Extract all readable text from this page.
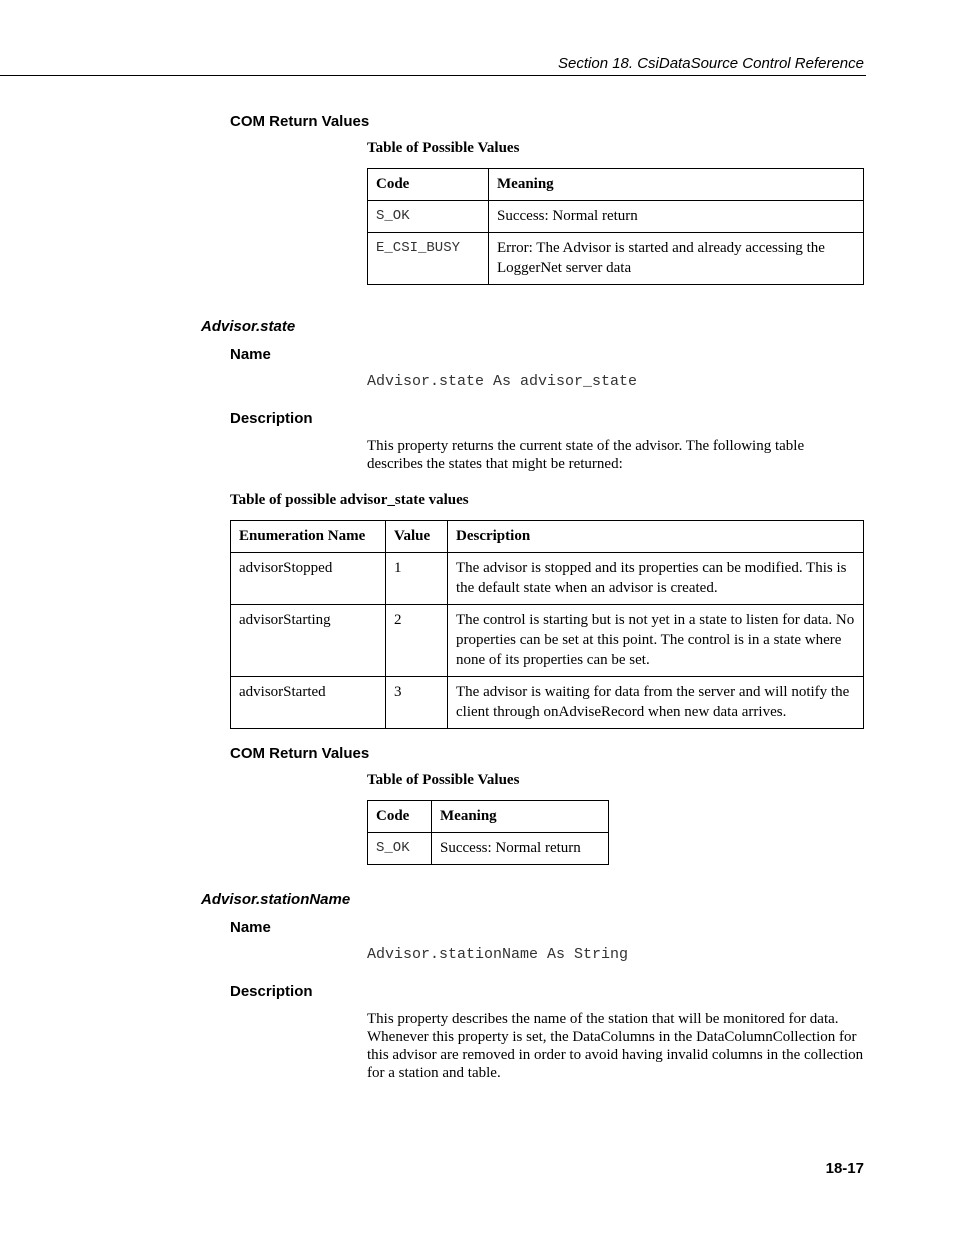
Section 18. CsiDataSource Control Reference
COM Return Values
Table of Possible Values
Code	Meaning
S_OK	Success: Normal return
E_CSI_BUSY	Error: The Advisor is started and already accessing the LoggerNet server data
Advisor.state
Name
Advisor.state As advisor_state
Description
This property returns the current state of the advisor. The following table describes the states that might be returned:
Table of possible advisor_state values
Enumeration Name	Value	Description
advisorStopped	1	The advisor is stopped and its properties can be modified. This is the default state when an advisor is created.
advisorStarting	2	The control is starting but is not yet in a state to listen for data. No properties can be set at this point. The control is in a state where none of its properties can be set.
advisorStarted	3	The advisor is waiting for data from the server and will notify the client through onAdviseRecord when new data arrives.
COM Return Values
Table of Possible Values
Code	Meaning
S_OK	Success: Normal return
Advisor.stationName
Name
Advisor.stationName As String
Description
This property describes the name of the station that will be monitored for data. Whenever this property is set, the DataColumns in the DataColumnCollection for this advisor are removed in order to avoid having invalid columns in the collection for a station and table.
18-17
